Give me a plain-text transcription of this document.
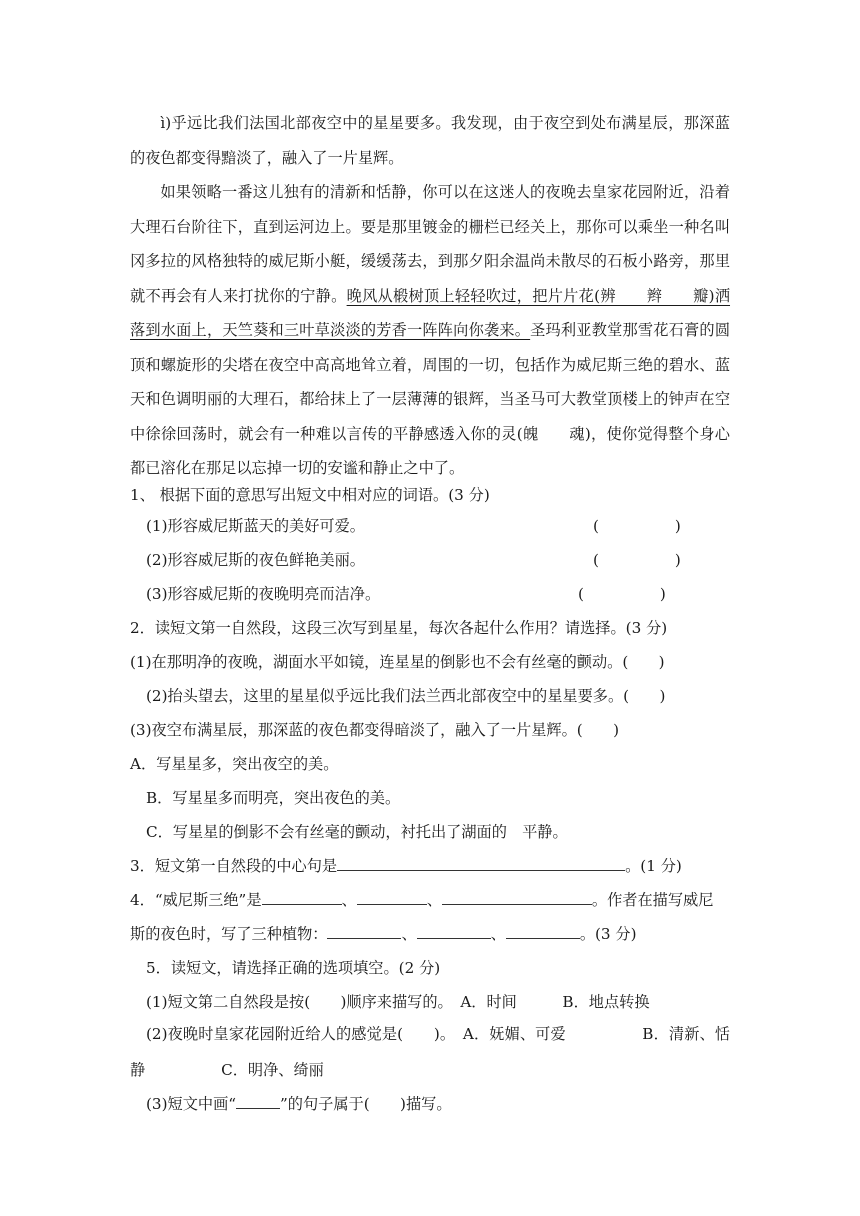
ì)乎远比我们法国北部夜空中的星星要多。我发现，由于夜空到处布满星辰，那深蓝的夜色都变得黯淡了，融入了一片星辉。

如果领略一番这儿独有的清新和恬静，你可以在这迷人的夜晚去皇家花园附近，沿着大理石台阶往下，直到运河边上。要是那里镀金的栅栏已经关上，那你可以乘坐一种名叫冈多拉的风格独特的威尼斯小艇，缓缓荡去，到那夕阳余温尚未散尽的石板小路旁，那里就不再会有人来打扰你的宁静。晚风从椴树顶上轻轻吹过，把片片花(辨　　辫　　瓣)洒落到水面上，天竺葵和三叶草淡淡的芳香一阵阵向你袭来。圣玛利亚教堂那雪花石膏的圆顶和螺旋形的尖塔在夜空中高高地耸立着，周围的一切，包括作为威尼斯三绝的碧水、蓝天和色调明丽的大理石，都给抹上了一层薄薄的银辉，当圣马可大教堂顶楼上的钟声在空中徐徐回荡时，就会有一种难以言传的平静感透入你的灵(魄　　魂)，使你觉得整个身心都已溶化在那足以忘掉一切的安谧和静止之中了。

1、 根据下面的意思写出短文中相对应的词语。(3 分)
(1)形容威尼斯蓝天的美好可爱。	(　　　　　)
(2)形容威尼斯的夜色鲜艳美丽。	(　　　　　)
(3)形容威尼斯的夜晚明亮而洁净。	(　　　　　)
2．读短文第一自然段，这段三次写到星星，每次各起什么作用？请选择。(3 分)
(1)在那明净的夜晚，湖面水平如镜，连星星的倒影也不会有丝毫的颤动。(　　)
(2)抬头望去，这里的星星似乎远比我们法兰西北部夜空中的星星要多。(　　)
(3)夜空布满星辰，那深蓝的夜色都变得暗淡了，融入了一片星辉。(　　)
A．写星星多，突出夜空的美。
B．写星星多而明亮，突出夜色的美。
C．写星星的倒影不会有丝毫的颤动，衬托出了湖面的　平静。
3．短文第一自然段的中心句是	。(1 分)
4．“威尼斯三绝”是	、	、	。作者在描写威尼
斯的夜色时，写了三种植物：	、	、	。(3 分)
5．读短文，请选择正确的选项填空。(2 分)
(1)短文第二自然段是按(　　)顺序来描写的。　A．时间　　　B．地点转换
(2)夜晚时皇家花园附近给人的感觉是(　　)。　A．妩媚、可爱　　　　　B．清新、恬静　　　　　C．明净、绮丽
(3)短文中画“	”的句子属于(　　)描写。
